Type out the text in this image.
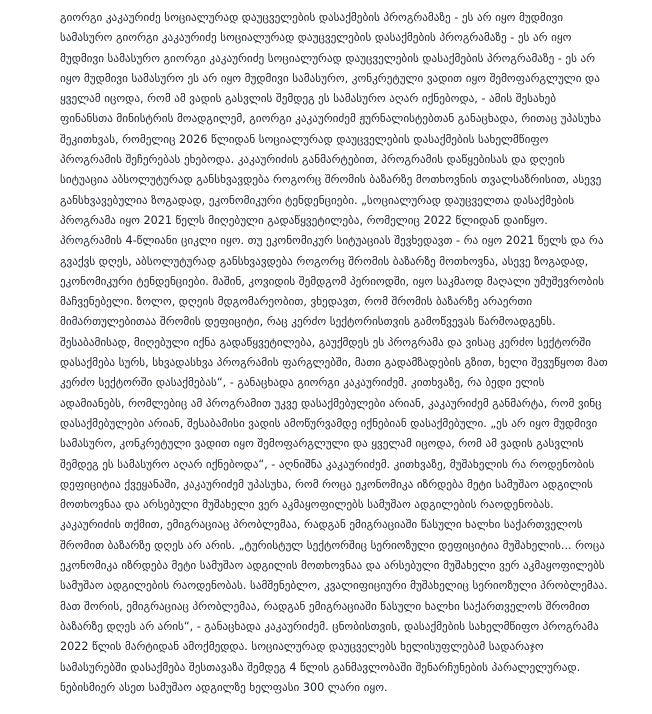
გიორგი კაკაურიძე სოციალურად დაუცველების დასაქმების პროგრამაზე - ეს არ იყო მუდმივი სამასურო გიორგი კაკაურიძე სოციალურად დაუცველების დასაქმების პროგრამაზე - ეს არ იყო მუდმივი სამასურო გიორგი კაკაურიძე სოციალურად დაუცველების დასაქმების პროგრამაზე - ეს არ იყო მუდმივი სამასურო ეს არ იყო მუდმივი სამასურო, კონკრეტული ვადით იყო შემოფარგლული და ყველამ იცოდა, რომ ამ ვადის გასვლის შემდეგ ეს სამასურო აღარ იქნებოდა, - ამის შესახებ ფინანსთა მინისტრის მოადგილემ, გიორგი კაკაურიძემ ჟურნალისტებთან განაცხადა, რითაც უპასუხა შეკითხვას, რომელიც 2026 წლიდან სოციალურად დაუცველების დასაქმების სახელმწიფო პროგრამის შეჩერებას ეხებოდა. კაკაურიძის განმარტებით, პროგრამის დაწყებისას და დღეის სიტუაცია აბსოლუტურად განსხვავდება როგორც შრომის ბაზარზე მოთხოვნის თვალსაზრისით, ასევე განსხვავებულია ზოგადად, ეკონომიკური ტენდენციები. „სოციალურად დაუცველთა დასაქმების პროგრამა იყო 2021 წელს მიღებული გადაწყვეტილება, რომელიც 2022 წლიდან დაიწყო. პროგრამის 4-წლიანი ციკლი იყო. თუ ეკონომიკურ სიტუაციას შევხედავთ - რა იყო 2021 წელს და რა გვაქვს დღეს, აბსოლუტურად განსხვავდება როგორც შრომის ბაზარზე მოთხოვნა, ასევე ზოგადად, ეკონომიკური ტენდენციები. მაშინ, კოვიდის შემდგომ პერიოდში, იყო საკმაოდ მაღალი უმუშევრობის მაჩვენებელი. ზოლო, დღეის მდგომარეობით, ვხედავთ, რომ შრომის ბაზარზე არაერთი მიმართულებითაა შრომის დეფიციტი, რაც კერძო სექტორისთვის გამოწვევას წარმოადგენს. შესაბამისად, მიღებული იქნა გადაწყვეტილება, გაუქმდეს ეს პროგრამა და ვისაც კერძო სექტორში დასაქმება სურს, სხვადასხვა პროგრამის ფარგლებში, მათი გადამზადების გზით, ხელი შევუწყოთ მათ კერძო სექტორში დასაქმებას“, - განაცხადა გიორგი კაკაურიძემ. კითხვაზე, რა ბედი ელის ადამიანებს, რომლებიც ამ პროგრამით უკვე დასაქმებულები არიან, კაკაურიძემ განმარტა, რომ ვინც დასაქმებულები არიან, შესაბამისი ვადის ამოწურვამდე იქნებიან დასაქმებული. „ეს არ იყო მუდმივი სამასურო, კონკრეტული ვადით იყო შემოფარგლული და ყველამ იცოდა, რომ ამ ვადის გასვლის შემდეგ ეს სამასურო აღარ იქნებოდა“, - აღნიშნა კაკაურიძემ. კითხვაზე, მუშახელის რა როდენობის დეფიციტია ქვეყანაში, კაკაურიძემ უპასუხა, რომ როცა ეკონომიკა იზრდება მეტი სამუშაო ადგილის მოთხოვნაა და არსებული მუშახელი ვერ აკმაყოფილებს სამუშაო ადგილების რაოდენობას. კაკაურიძის თქმით, ემიგრაციაც პრობლემაა, რადგან ემიგრაციაში წასული ხალხი საქართველოს შრომით ბაზარზე დღეს არ არის. „ტურისტულ სექტორშიც სერიოზული დეფიციტია მუშახელის... როცა ეკონომიკა იზრდება მეტი სამუშაო ადგილის მოთხოვნაა და არსებული მუშახელი ვერ აკმაყოფილებს სამუშაო ადგილების რაოდენობას. სამშენებლო, კვალიფიციური მუშახელიც სერიოზული პრობლემაა. მათ შორის, ემიგრაციაც პრობლემაა, რადგან ემიგრაციაში წასული ხალხი საქართველოს შრომით ბაზარზე დღეს არ არის“, - განაცხადა კაკაურიძემ. ცნობისთვის, დასაქმების სახელმწიფო პროგრამა 2022 წლის მარტიდან ამოქმედდა. სოციალურად დაუცველებს ხელისუფლებამ სადარაჯო სამასურებში დასაქმება შესთავაზა შემდეგ 4 წლის განმავლობაში შენარჩუნების პარალელურად. ნებისმიერ ასეთ სამუშაო ადგილზე ხელფასი 300 ლარი იყო.
